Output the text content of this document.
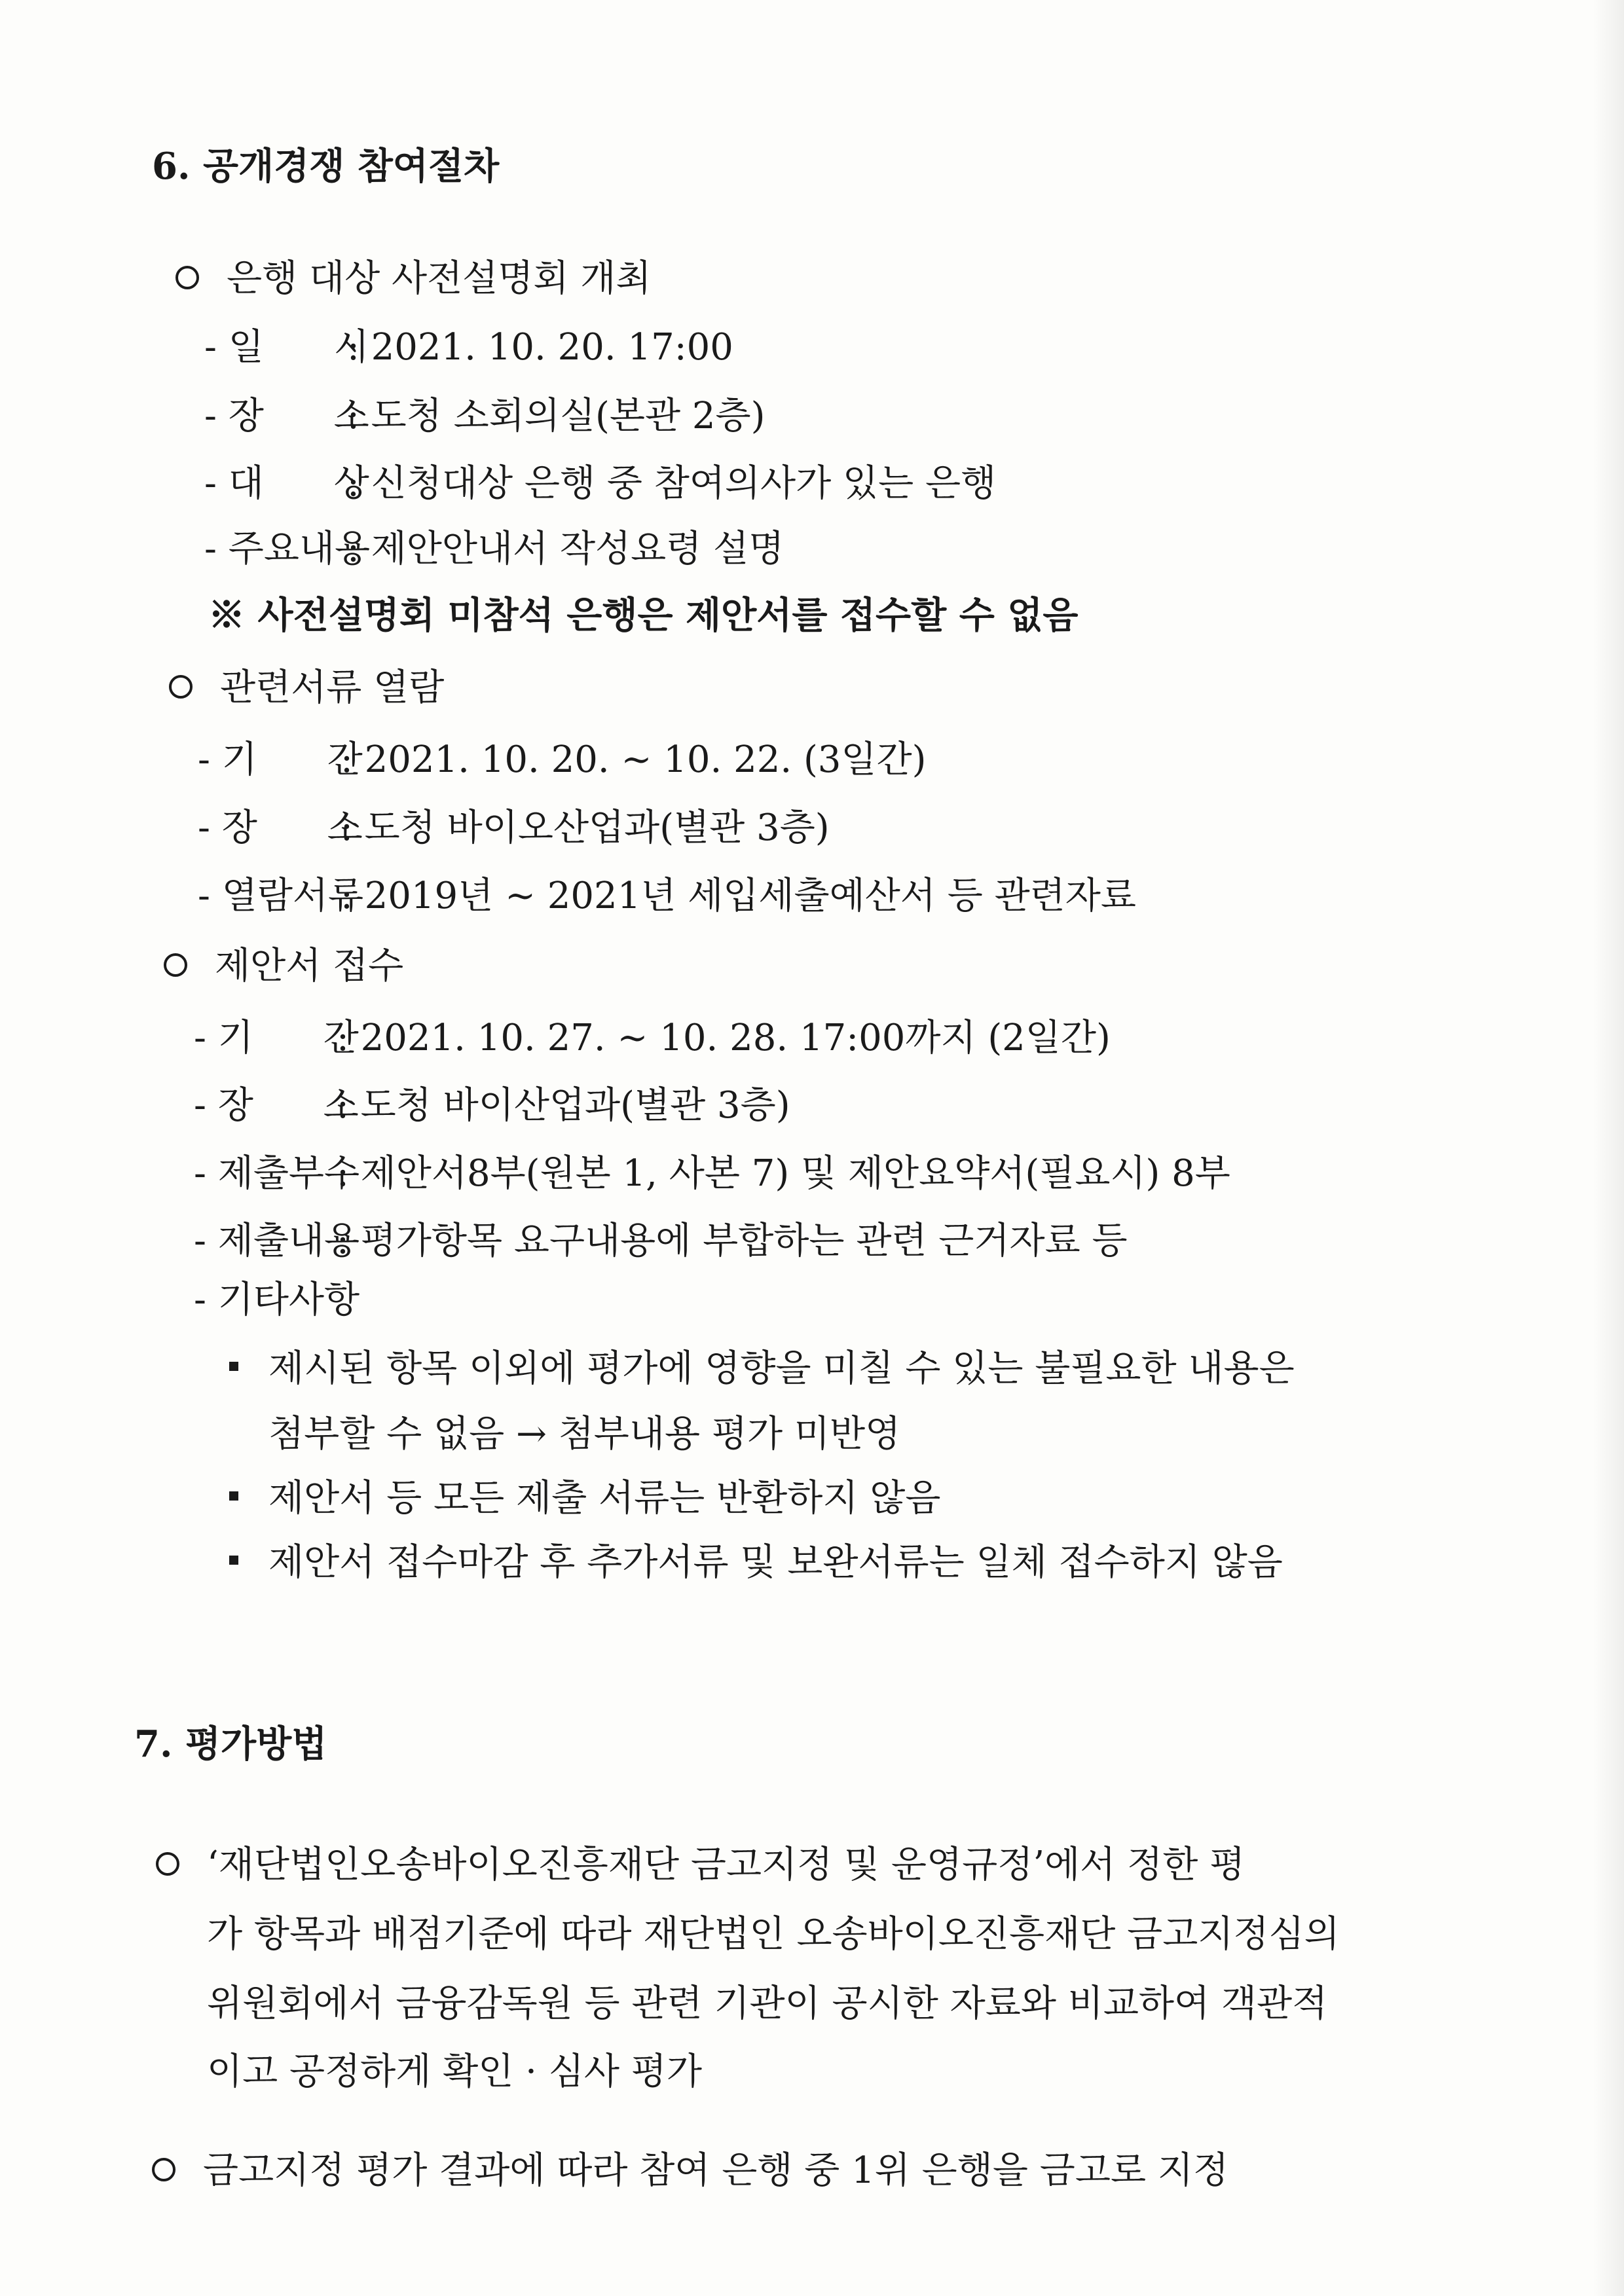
6. 공개경쟁 참여절차
은행 대상 사전설명회 개최
- 일      시: 2021. 10. 20. 17:00
- 장      소: 도청 소회의실(본관 2층)
- 대      상: 신청대상 은행 중 참여의사가 있는 은행
- 주요내용: 제안안내서 작성요령 설명
※ 사전설명회 미참석 은행은 제안서를 접수할 수 없음
관련서류 열람
- 기      간: 2021. 10. 20. ~ 10. 22. (3일간)
- 장      소: 도청 바이오산업과(별관 3층)
- 열람서류: 2019년 ~ 2021년 세입세출예산서 등 관련자료
제안서 접수
- 기      간: 2021. 10. 27. ~ 10. 28. 17:00까지 (2일간)
- 장      소: 도청 바이산업과(별관 3층)
- 제출부수: 제안서8부(원본 1, 사본 7) 및 제안요약서(필요시) 8부
- 제출내용: 평가항목 요구내용에 부합하는 관련 근거자료 등
- 기타사항
제시된 항목 이외에 평가에 영향을 미칠 수 있는 불필요한 내용은
첨부할 수 없음 → 첨부내용 평가 미반영
제안서 등 모든 제출 서류는 반환하지 않음
제안서 접수마감 후 추가서류 및 보완서류는 일체 접수하지 않음
7. 평가방법
‘재단법인오송바이오진흥재단 금고지정 및 운영규정’에서 정한 평
가 항목과 배점기준에 따라 재단법인 오송바이오진흥재단 금고지정심의
위원회에서 금융감독원 등 관련 기관이 공시한 자료와 비교하여 객관적
이고 공정하게 확인 · 심사 평가
금고지정 평가 결과에 따라 참여 은행 중 1위 은행을 금고로 지정
